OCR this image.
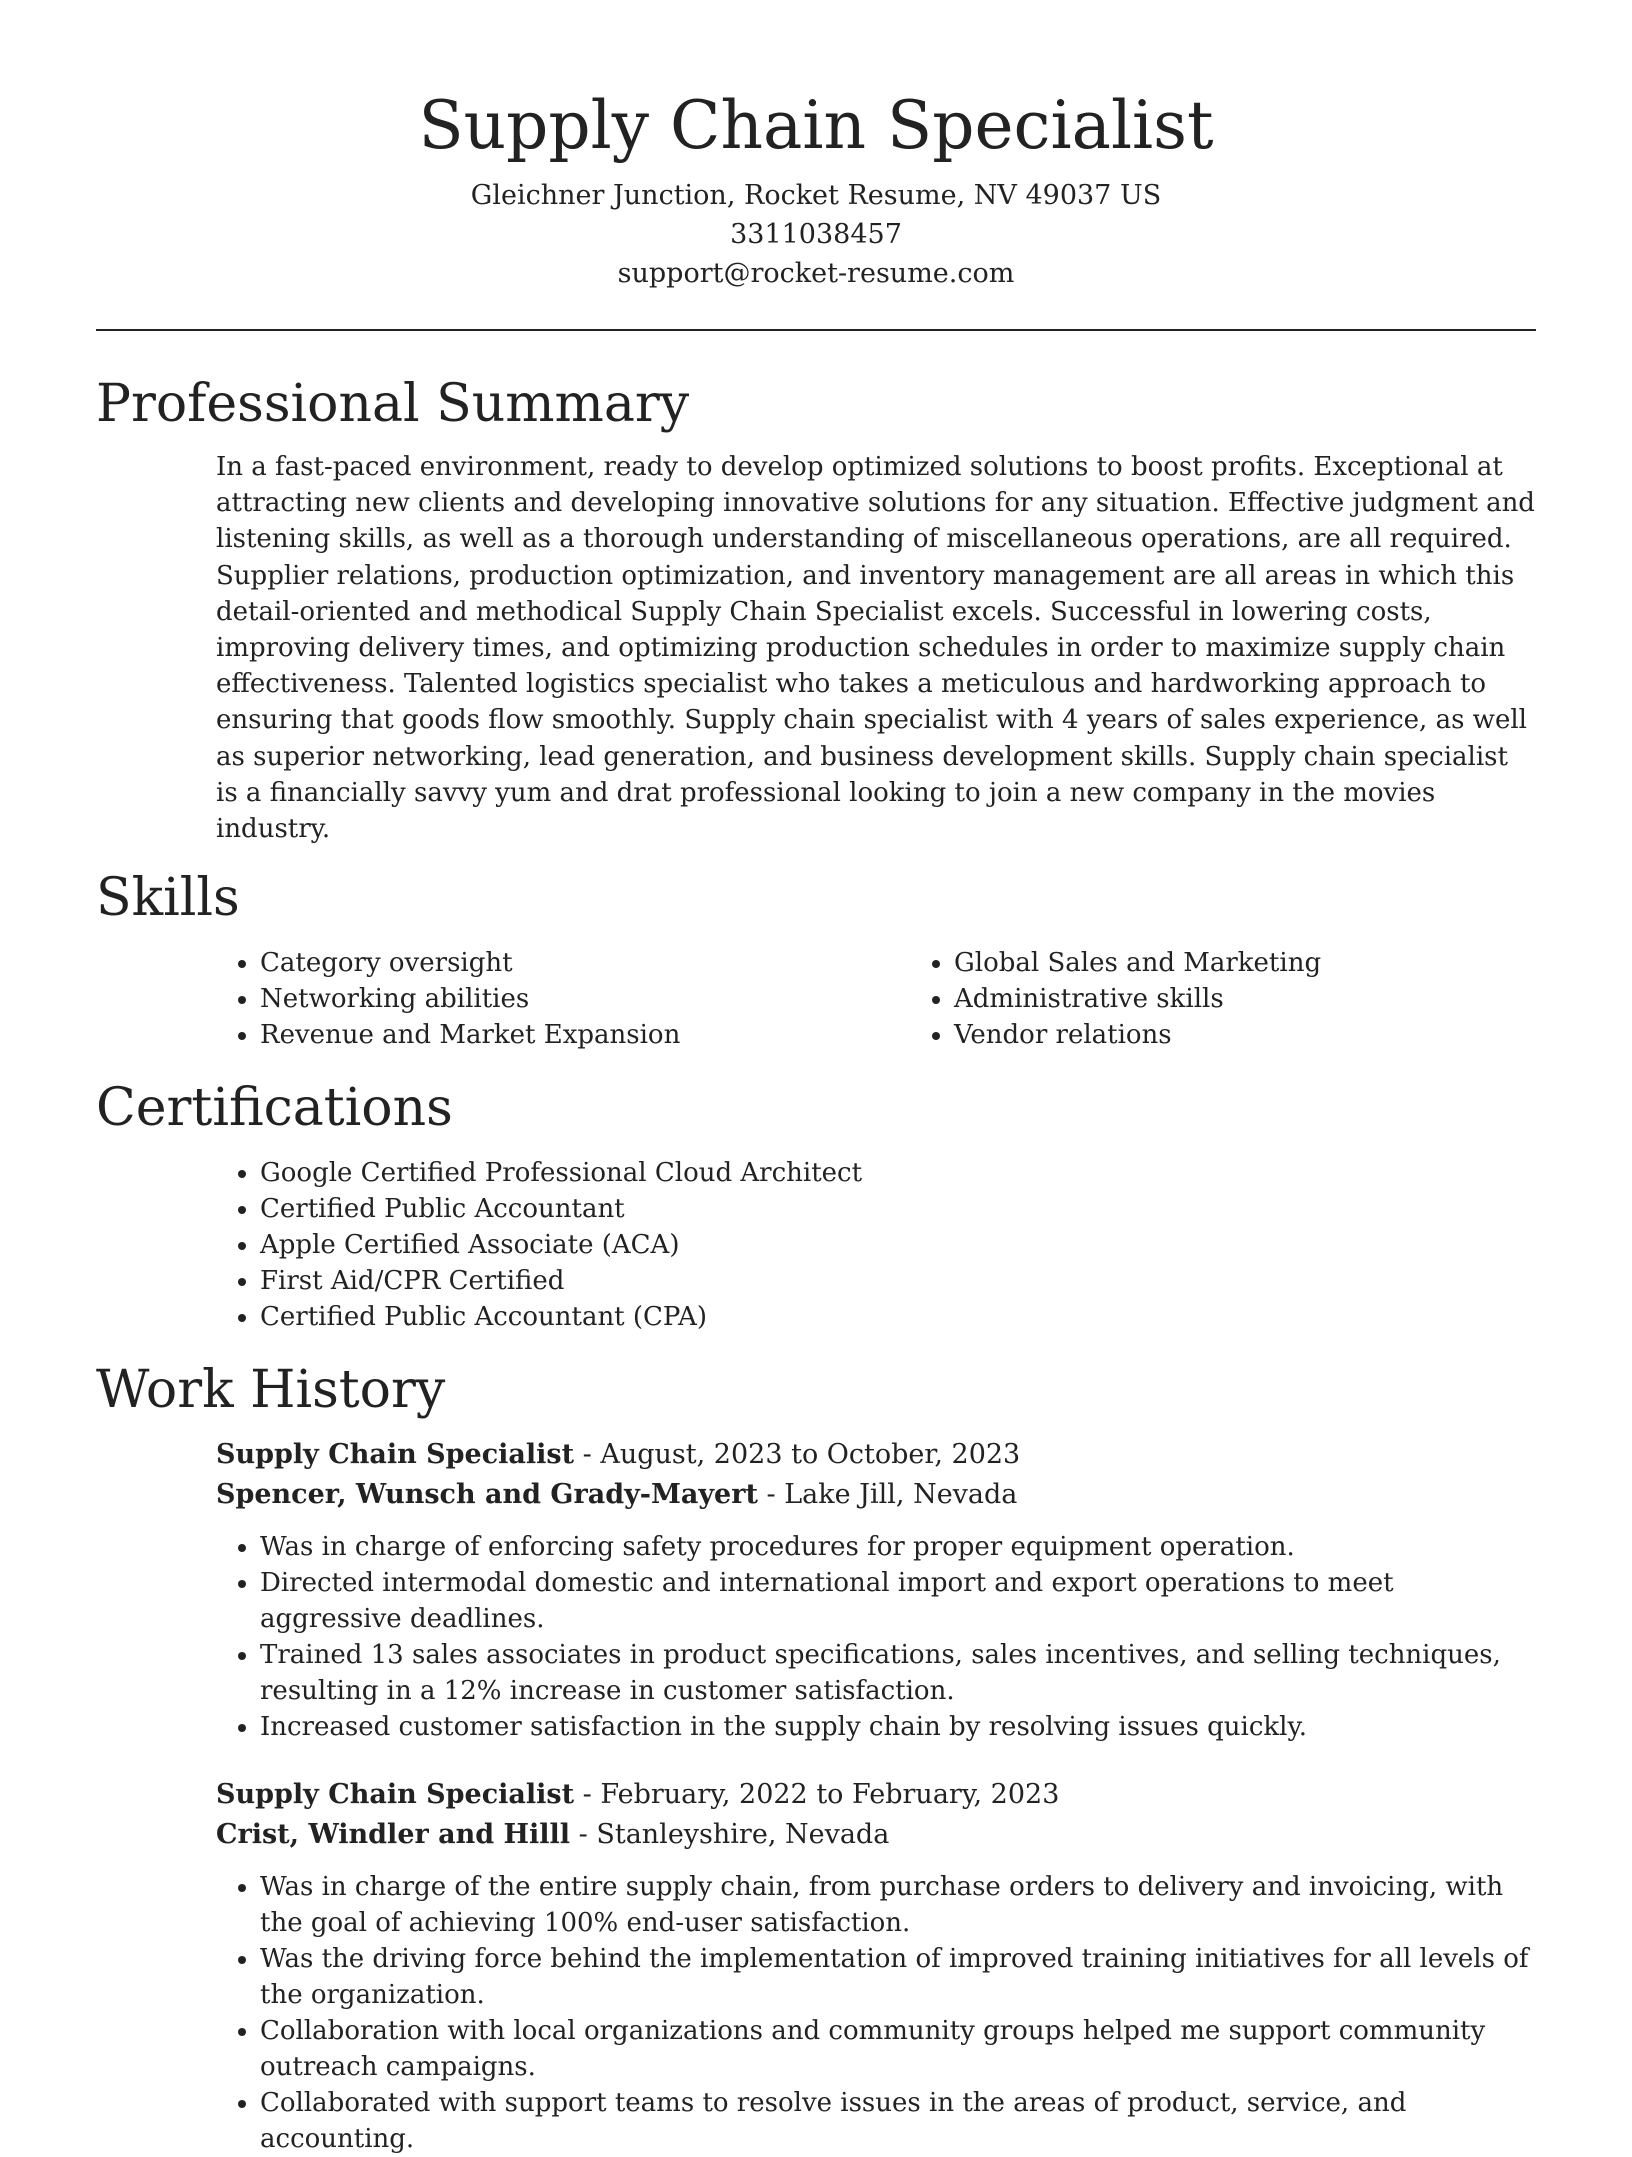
Supply Chain Specialist
Gleichner Junction, Rocket Resume, NV 49037 US
3311038457
support@rocket-resume.com
Professional Summary

In a fast-paced environment, ready to develop optimized solutions to boost profits. Exceptional at attracting new clients and developing innovative solutions for any situation. Effective judgment and listening skills, as well as a thorough understanding of miscellaneous operations, are all required. Supplier relations, production optimization, and inventory management are all areas in which this detail-oriented and methodical Supply Chain Specialist excels. Successful in lowering costs, improving delivery times, and optimizing production schedules in order to maximize supply chain effectiveness. Talented logistics specialist who takes a meticulous and hardworking approach to ensuring that goods flow smoothly. Supply chain specialist with 4 years of sales experience, as well as superior networking, lead generation, and business development skills. Supply chain specialist is a financially savvy yum and drat professional looking to join a new company in the movies industry.

Skills
• Category oversight
• Networking abilities
• Revenue and Market Expansion
• Global Sales and Marketing
• Administrative skills
• Vendor relations
Certifications
• Google Certified Professional Cloud Architect
• Certified Public Accountant
• Apple Certified Associate (ACA)
• First Aid/CPR Certified
• Certified Public Accountant (CPA)
Work History
Supply Chain Specialist - August, 2023 to October, 2023
Spencer, Wunsch and Grady-Mayert - Lake Jill, Nevada
• Was in charge of enforcing safety procedures for proper equipment operation.
• Directed intermodal domestic and international import and export operations to meet aggressive deadlines.
• Trained 13 sales associates in product specifications, sales incentives, and selling techniques, resulting in a 12% increase in customer satisfaction.
• Increased customer satisfaction in the supply chain by resolving issues quickly.
Supply Chain Specialist - February, 2022 to February, 2023
Crist, Windler and Hilll - Stanleyshire, Nevada
• Was in charge of the entire supply chain, from purchase orders to delivery and invoicing, with the goal of achieving 100% end-user satisfaction.
• Was the driving force behind the implementation of improved training initiatives for all levels of the organization.
• Collaboration with local organizations and community groups helped me support community outreach campaigns.
• Collaborated with support teams to resolve issues in the areas of product, service, and accounting.
